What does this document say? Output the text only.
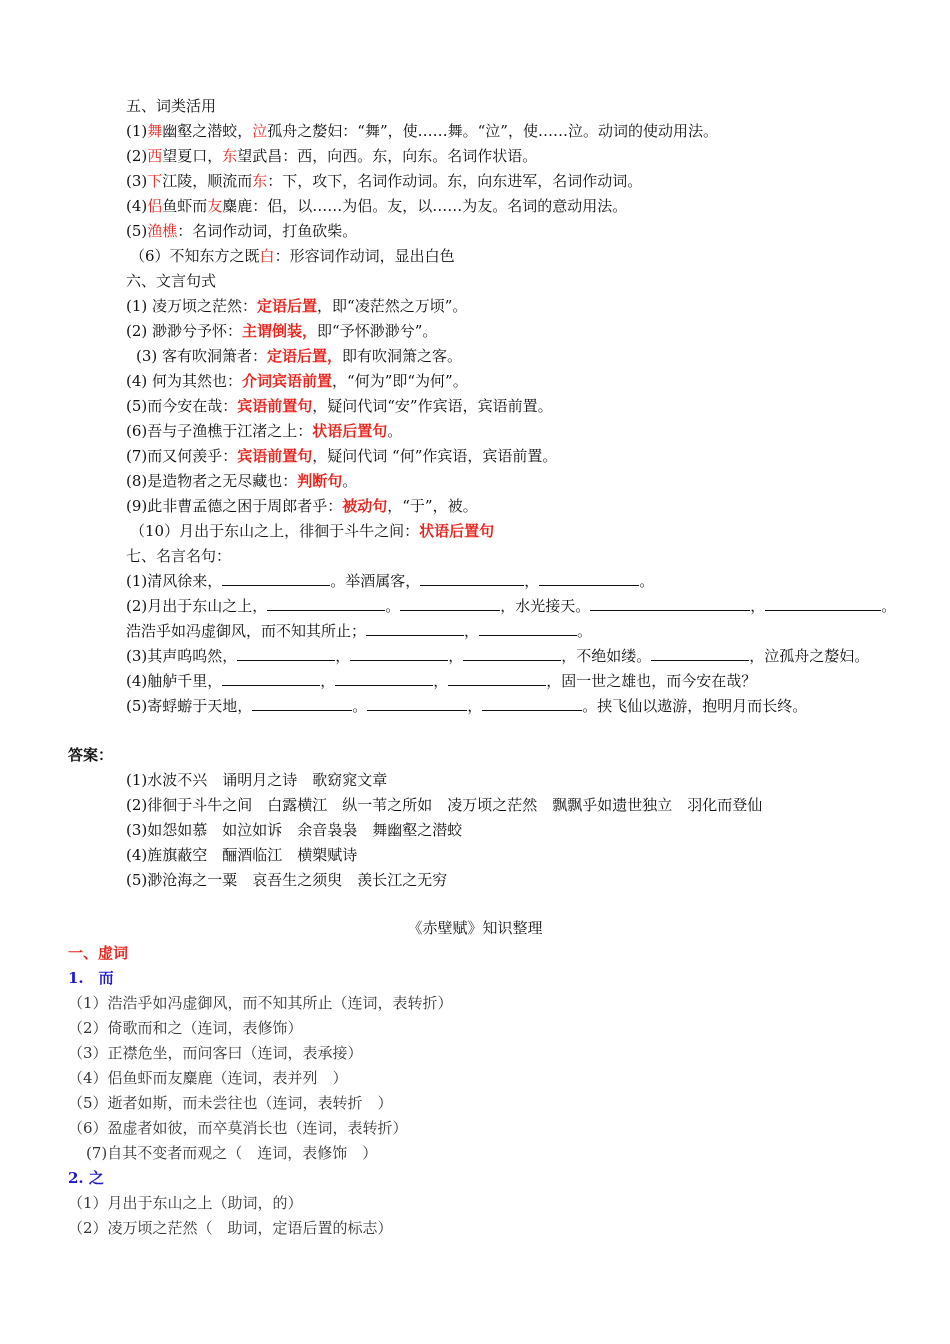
五、词类活用
(1)舞幽壑之潜蛟，泣孤舟之嫠妇：“舞”，使……舞。“泣”，使……泣。动词的使动用法。
(2)西望夏口，东望武昌：西，向西。东，向东。名词作状语。
(3)下江陵，顺流而东：下，攻下，名词作动词。东，向东进军，名词作动词。
(4)侣鱼虾而友麋鹿：侣，以……为侣。友，以……为友。名词的意动用法。
(5)渔樵：名词作动词，打鱼砍柴。
（6）不知东方之既白：形容词作动词，显出白色
六、文言句式
(1) 凌万顷之茫然：定语后置，即“凌茫然之万顷”。
(2) 渺渺兮予怀：主谓倒装，即“予怀渺渺兮”。
(3) 客有吹洞箫者：定语后置，即有吹洞箫之客。
(4) 何为其然也：介词宾语前置，“何为”即“为何”。
(5)而今安在哉：宾语前置句，疑问代词“安”作宾语，宾语前置。
(6)吾与子渔樵于江渚之上：状语后置句。
(7)而又何羡乎：宾语前置句，疑问代词 “何”作宾语，宾语前置。
(8)是造物者之无尽藏也：判断句。
(9)此非曹孟德之困于周郎者乎：被动句，“于”，被。
（10）月出于东山之上，徘徊于斗牛之间：状语后置句
七、名言名句：
(1)清风徐来，	。举酒属客，	，	。
(2)月出于东山之上，	。	，水光接天。	，	。
浩浩乎如冯虚御风，而不知其所止；	，	。
(3)其声呜呜然，	，	，	，不绝如缕。	，泣孤舟之嫠妇。
(4)舳舻千里，	，	，	，固一世之雄也，而今安在哉？
(5)寄蜉蝣于天地，	。	，	。挟飞仙以遨游，抱明月而长终。
答案：
(1)水波不兴　诵明月之诗　歌窈窕文章
(2)徘徊于斗牛之间　白露横江　纵一苇之所如　凌万顷之茫然　飘飘乎如遗世独立　羽化而登仙
(3)如怨如慕　如泣如诉　余音袅袅　舞幽壑之潜蛟
(4)旌旗蔽空　酾酒临江　横槊赋诗
(5)渺沧海之一粟　哀吾生之须臾　羡长江之无穷
《赤壁赋》知识整理
一、虚词
1.　而
（1）浩浩乎如冯虚御风，而不知其所止（连词，表转折）
（2）倚歌而和之（连词，表修饰）
（3）正襟危坐，而问客曰（连词，表承接）
（4）侣鱼虾而友麋鹿（连词，表并列　）
（5）逝者如斯，而未尝往也（连词，表转折　）
（6）盈虚者如彼，而卒莫消长也（连词，表转折）
(7)自其不变者而观之（　连词，表修饰　）
2. 之
（1）月出于东山之上（助词，的）
（2）凌万顷之茫然（　助词，定语后置的标志）
